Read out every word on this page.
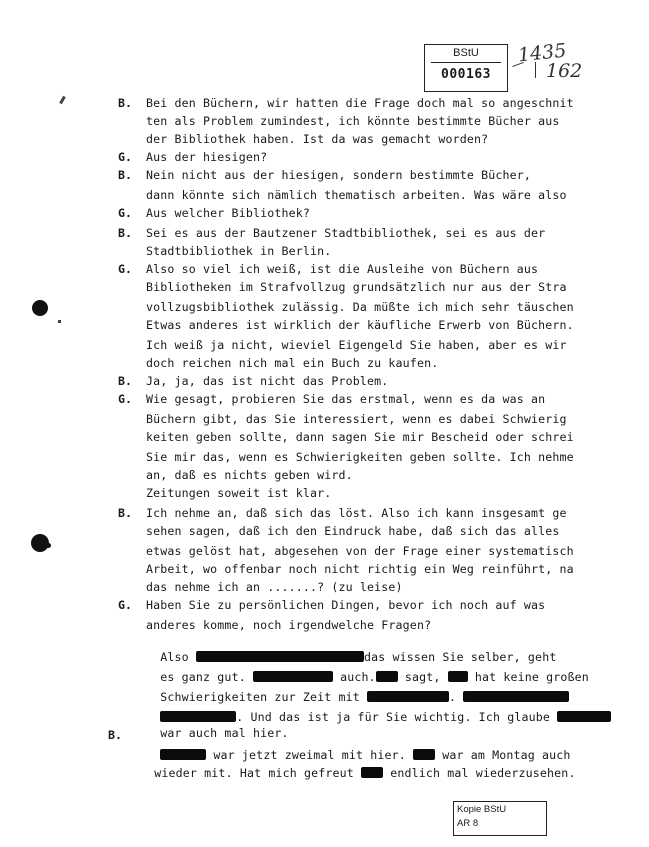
BStU
000163
1435
162
B.
G.
B.
G.
B.
G.
B.
G.
B.
G.
B.
Bei den Büchern, wir hatten die Frage doch mal so angeschnit
ten als Problem zumindest, ich könnte bestimmte Bücher aus
der Bibliothek haben. Ist da was gemacht worden?
Aus der hiesigen?
Nein nicht aus der hiesigen, sondern bestimmte Bücher,
dann könnte sich nämlich thematisch arbeiten. Was wäre also
Aus welcher Bibliothek?
Sei es aus der Bautzener Stadtbibliothek, sei es aus der
Stadtbibliothek in Berlin.
Also so viel ich weiß, ist die Ausleihe von Büchern aus
Bibliotheken im Strafvollzug grundsätzlich nur aus der Stra
vollzugsbibliothek zulässig. Da müßte ich mich sehr täuschen
Etwas anderes ist wirklich der käufliche Erwerb von Büchern.
Ich weiß ja nicht, wieviel Eigengeld Sie haben, aber es wir
doch reichen nich mal ein Buch zu kaufen.
Ja, ja, das ist nicht das Problem.
Wie gesagt, probieren Sie das erstmal, wenn es da was an
Büchern gibt, das Sie interessiert, wenn es dabei Schwierig
keiten geben sollte, dann sagen Sie mir Bescheid oder schrei
Sie mir das, wenn es Schwierigkeiten geben sollte. Ich nehme
an, daß es nichts geben wird.
Zeitungen soweit ist klar.
Ich nehme an, daß sich das löst. Also ich kann insgesamt ge
sehen sagen, daß ich den Eindruck habe, daß sich das alles
etwas gelöst hat, abgesehen von der Frage einer systematisch
Arbeit, wo offenbar noch nicht richtig ein Weg reinführt, na
das nehme ich an .......? (zu leise)
Haben Sie zu persönlichen Dingen, bevor ich noch auf was
anderes komme, noch irgendwelche Fragen?

Also	das wissen Sie selber, geht

es ganz gut.	auch.	sagt,	hat keine großen

Schwierigkeiten zur Zeit mit	.

. Und das ist ja für Sie wichtig. Ich glaube

war auch mal hier.

war jetzt zweimal mit hier.	war am Montag auch

wieder mit. Hat mich gefreut	endlich mal wiederzusehen.

Kopie BStU
AR 8
